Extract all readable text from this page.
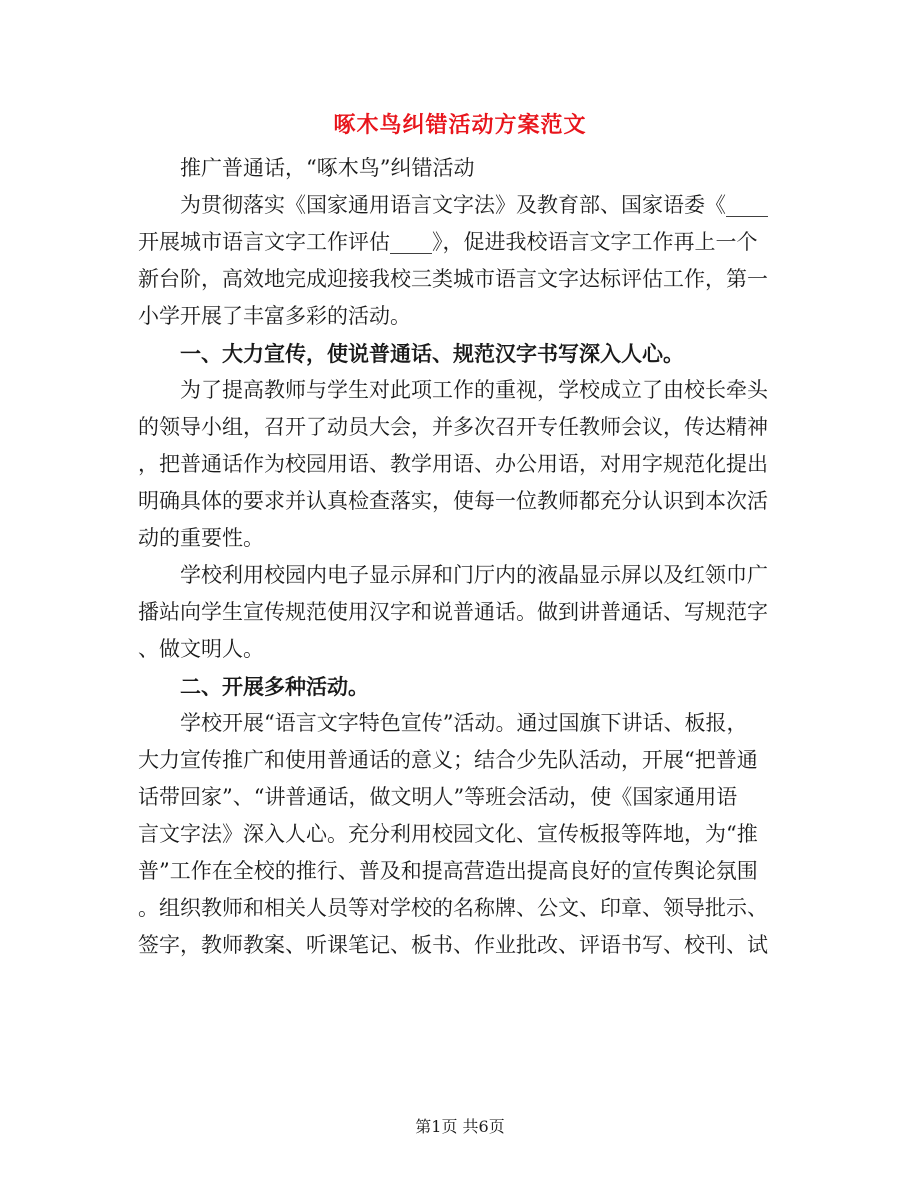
啄木鸟纠错活动方案范文
推广普通话，“啄木鸟”纠错活动
为贯彻落实《国家通用语言文字法》及教育部、国家语委《____
开展城市语言文字工作评估____》，促进我校语言文字工作再上一个
新台阶，高效地完成迎接我校三类城市语言文字达标评估工作，第一
小学开展了丰富多彩的活动。
一、大力宣传，使说普通话、规范汉字书写深入人心。
为了提高教师与学生对此项工作的重视，学校成立了由校长牵头
的领导小组，召开了动员大会，并多次召开专任教师会议，传达精神
，把普通话作为校园用语、教学用语、办公用语，对用字规范化提出
明确具体的要求并认真检查落实，使每一位教师都充分认识到本次活
动的重要性。
学校利用校园内电子显示屏和门厅内的液晶显示屏以及红领巾广
播站向学生宣传规范使用汉字和说普通话。做到讲普通话、写规范字
、做文明人。
二、开展多种活动。
学校开展“语言文字特色宣传”活动。通过国旗下讲话、板报，
大力宣传推广和使用普通话的意义；结合少先队活动，开展“把普通
话带回家”、“讲普通话，做文明人”等班会活动，使《国家通用语
言文字法》深入人心。充分利用校园文化、宣传板报等阵地，为“推
普”工作在全校的推行、普及和提高营造出提高良好的宣传舆论氛围
。组织教师和相关人员等对学校的名称牌、公文、印章、领导批示、
签字，教师教案、听课笔记、板书、作业批改、评语书写、校刊、试
第1页 共6页
